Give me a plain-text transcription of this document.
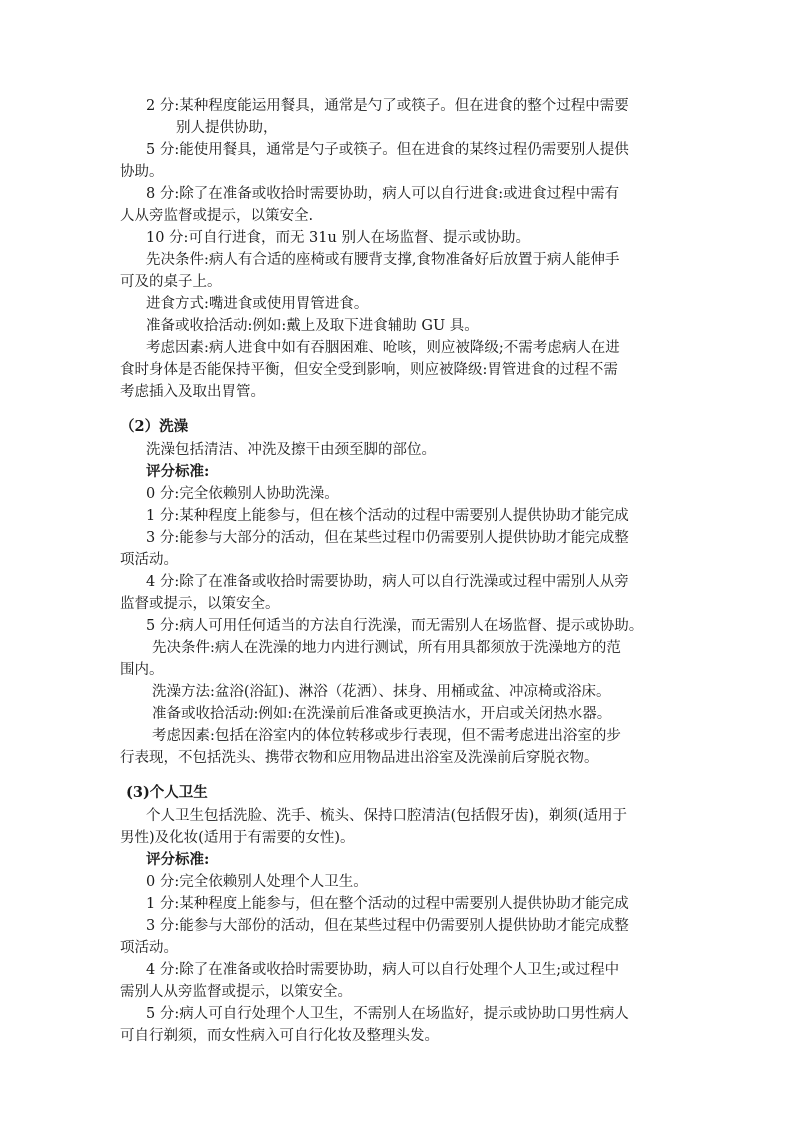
2 分:某种程度能运用餐具，通常是勺了或筷子。但在进食的整个过程中需要
别人提供协助，
5 分:能使用餐具，通常是勺子或筷子。但在进食的某终过程仍需要别人提供
协助。
8 分:除了在准备或收拾时需要协助，病人可以自行进食:或进食过程中需有
人从旁监督或提示，以策安全.
10 分:可自行进食，而无 31u 别人在场监督、提示或协助。
先决条件:病人有合适的座椅或有腰背支撑,食物准备好后放置于病人能伸手
可及的桌子上。
进食方式:嘴进食或使用胃管进食。
准备或收拾活动:例如:戴上及取下进食辅助 GU 具。
考虑因素:病人进食中如有吞胭困难、呛咳，则应被降级;不需考虑病人在进
食时身体是否能保持平衡，但安全受到影响，则应被降级:胃管进食的过程不需
考虑插入及取出胃管。
（2）洗澡
洗澡包括清洁、冲洗及擦干由颈至脚的部位。
评分标准:
0 分:完全依赖别人协助洗澡。
1 分:某种程度上能参与，但在核个活动的过程中需要别人提供协助才能完成
3 分:能参与大部分的活动，但在某些过程巾仍需要别人提供协助才能完成整
项活动。
4 分:除了在准备或收拾时需要协助，病人可以自行洗澡或过程中需别人从旁
监督或提示，以策安全。
5 分:病人可用任何适当的方法自行洗澡，而无需别人在场监督、提示或协助。
先决条件:病人在洗澡的地力内进行测试，所有用具都须放于洗澡地方的范
围内。
洗澡方法:盆浴(浴缸)、淋浴（花洒）、抹身、用桶或盆、冲凉椅或浴床。
准备或收拾活动:例如:在洗澡前后准备或更换洁水，开启或关闭热水器。
考虑因素:包括在浴室内的体位转移或步行表现，但不需考虑进出浴室的步
行表现，不包括洗头、携带衣物和应用物品进出浴室及洗澡前后穿脱衣物。
(3)个人卫生
个人卫生包括洗脸、洗手、梳头、保持口腔清洁(包括假牙齿)，剃须(适用于
男性)及化妆(适用于有需要的女性)。
评分标准:
0 分:完全依赖别人处理个人卫生。
1 分:某种程度上能参与，但在整个活动的过程中需要别人提供协助才能完成
3 分:能参与大部份的活动，但在某些过程中仍需要别人提供协助才能完成整
项活动。
4 分:除了在准备或收拾时需要协助，病人可以自行处理个人卫生;或过程中
需别人从旁监督或提示，以策安全。
5 分:病人可自行处理个人卫生，不需别人在场监好，提示或协助口男性病人
可自行剃须，而女性病入可自行化妆及整理头发。
